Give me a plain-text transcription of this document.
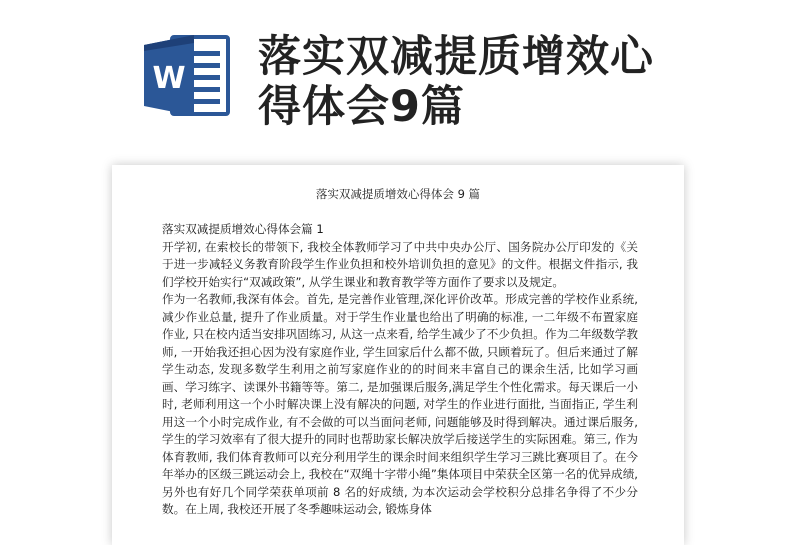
W 落实双减提质增效心
得体会9篇
落实双减提质增效心得体会 9 篇

落实双减提质增效心得体会篇 1

开学初, 在索校长的带领下, 我校全体教师学习了中共中央办公厅、国务院办公厅印发的《关于进一步减轻义务教育阶段学生作业负担和校外培训负担的意见》的文件。根据文件指示, 我们学校开始实行“双减政策”, 从学生课业和教育教学等方面作了要求以及规定。

作为一名教师,我深有体会。首先, 是完善作业管理,深化评价改革。形成完善的学校作业系统,减少作业总量, 提升了作业质量。对于学生作业量也给出了明确的标准, 一二年级不布置家庭作业, 只在校内适当安排巩固练习, 从这一点来看, 给学生减少了不少负担。作为二年级数学教师, 一开始我还担心因为没有家庭作业, 学生回家后什么都不做, 只顾着玩了。但后来通过了解学生动态, 发现多数学生利用之前写家庭作业的的时间来丰富自己的课余生活, 比如学习画画、学习练字、读课外书籍等等。第二, 是加强课后服务,满足学生个性化需求。每天课后一小时, 老师利用这一个小时解决课上没有解决的问题, 对学生的作业进行面批, 当面指正, 学生利用这一个小时完成作业, 有不会做的可以当面问老师, 问题能够及时得到解决。通过课后服务, 学生的学习效率有了很大提升的同时也帮助家长解决放学后接送学生的实际困难。第三, 作为体育教师, 我们体育教师可以充分利用学生的课余时间来组织学生学习三跳比赛项目了。在今年举办的区级三跳运动会上, 我校在“双绳十字带小绳”集体项目中荣获全区第一名的优异成绩, 另外也有好几个同学荣获单项前 8 名的好成绩, 为本次运动会学校积分总排名争得了不少分数。在上周, 我校还开展了冬季趣味运动会, 锻炼身体
